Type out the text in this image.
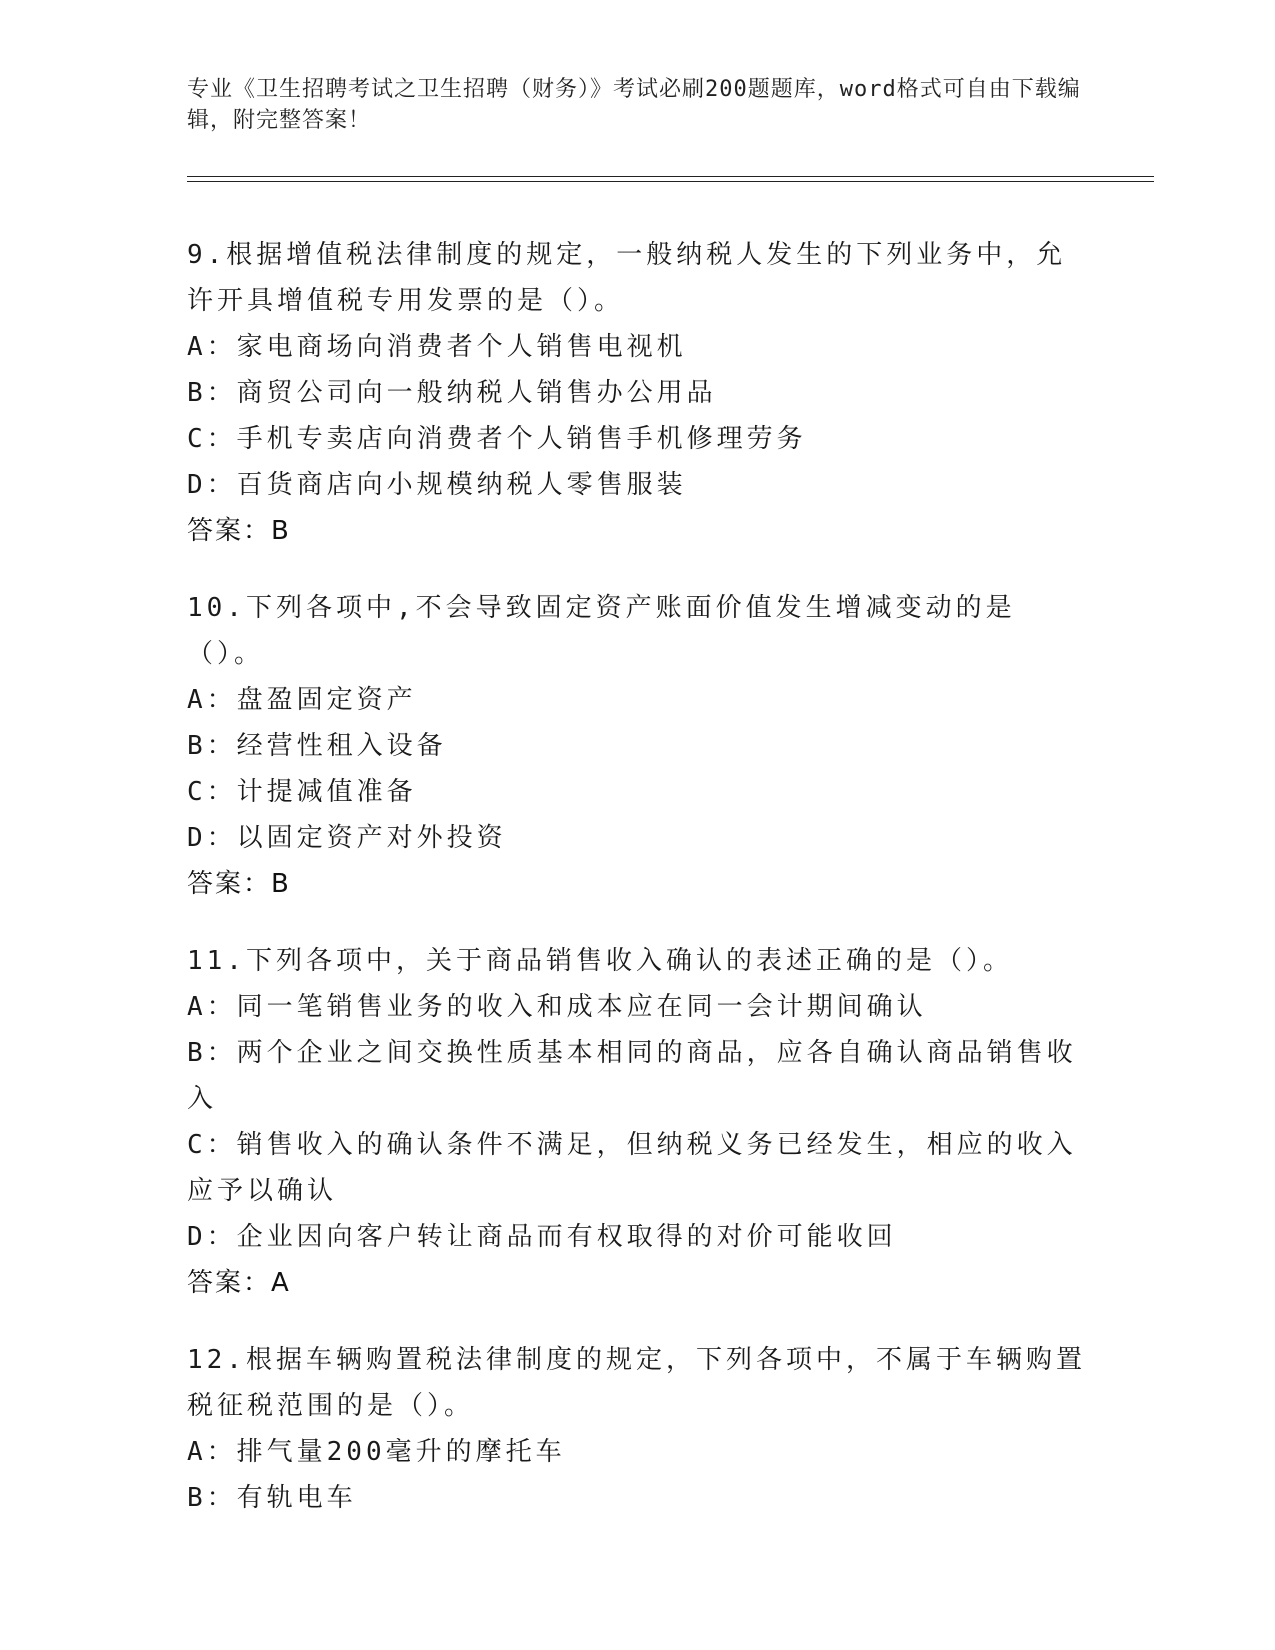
专业《卫生招聘考试之卫生招聘（财务）》考试必刷200题题库，word格式可自由下载编辑，附完整答案！
9.根据增值税法律制度的规定，一般纳税人发生的下列业务中，允许开具增值税专用发票的是（）。
A：家电商场向消费者个人销售电视机
B：商贸公司向一般纳税人销售办公用品
C：手机专卖店向消费者个人销售手机修理劳务
D：百货商店向小规模纳税人零售服装
答案：B
10.下列各项中,不会导致固定资产账面价值发生增减变动的是（）。
A：盘盈固定资产
B：经营性租入设备
C：计提减值准备
D：以固定资产对外投资
答案：B
11.下列各项中，关于商品销售收入确认的表述正确的是（）。
A：同一笔销售业务的收入和成本应在同一会计期间确认
B：两个企业之间交换性质基本相同的商品，应各自确认商品销售收入
C：销售收入的确认条件不满足，但纳税义务已经发生，相应的收入应予以确认
D：企业因向客户转让商品而有权取得的对价可能收回
答案：A
12.根据车辆购置税法律制度的规定，下列各项中，不属于车辆购置税征税范围的是（）。
A：排气量200毫升的摩托车
B：有轨电车
